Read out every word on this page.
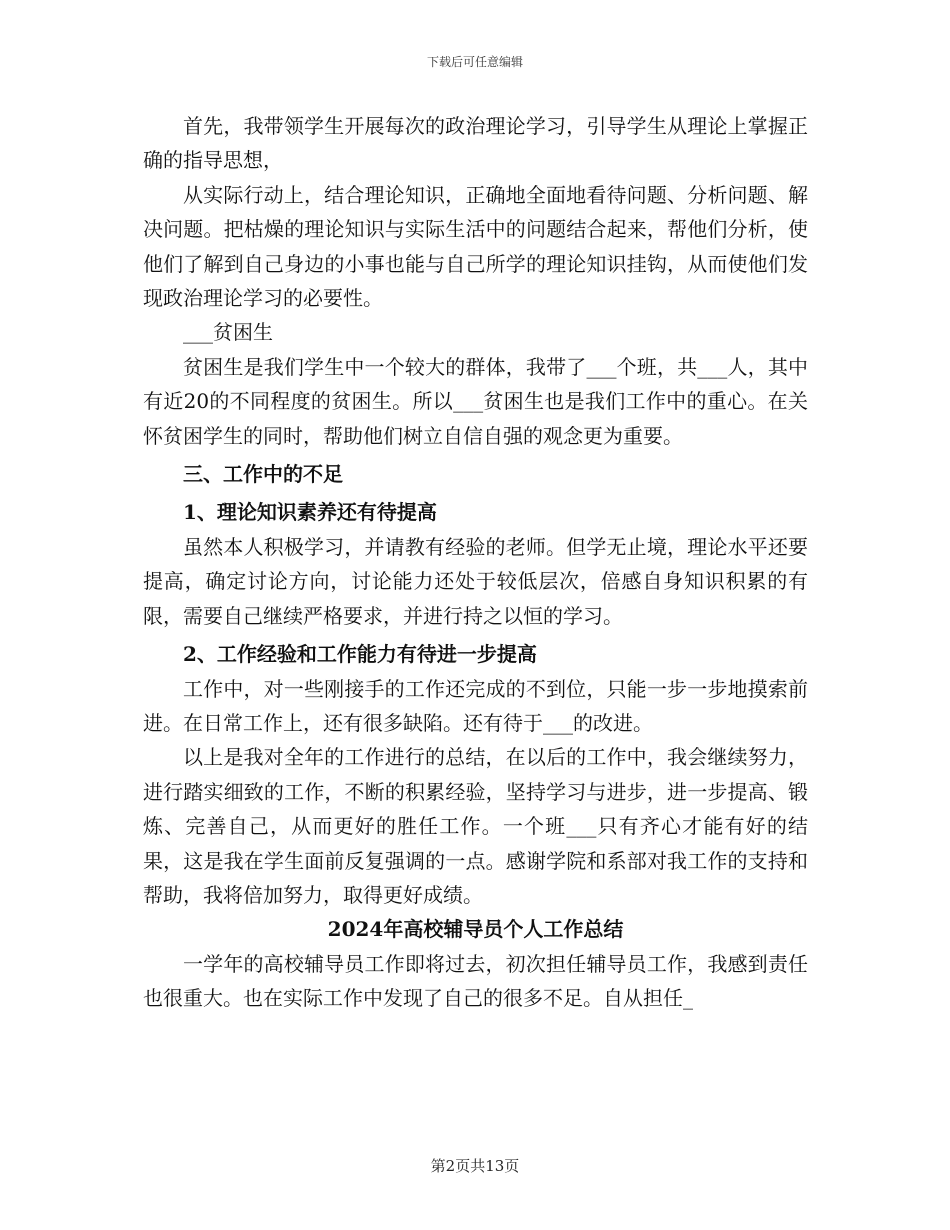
下载后可任意编辑

首先，我带领学生开展每次的政治理论学习，引导学生从理论上掌握正确的指导思想，

从实际行动上，结合理论知识，正确地全面地看待问题、分析问题、解决问题。把枯燥的理论知识与实际生活中的问题结合起来，帮他们分析，使他们了解到自己身边的小事也能与自己所学的理论知识挂钩，从而使他们发现政治理论学习的必要性。

___贫困生

贫困生是我们学生中一个较大的群体，我带了___个班，共___人，其中有近20的不同程度的贫困生。所以___贫困生也是我们工作中的重心。在关怀贫困学生的同时，帮助他们树立自信自强的观念更为重要。

三、工作中的不足

1、理论知识素养还有待提高

虽然本人积极学习，并请教有经验的老师。但学无止境，理论水平还要提高，确定讨论方向，讨论能力还处于较低层次，倍感自身知识积累的有限，需要自己继续严格要求，并进行持之以恒的学习。

2、工作经验和工作能力有待进一步提高

工作中，对一些刚接手的工作还完成的不到位，只能一步一步地摸索前进。在日常工作上，还有很多缺陷。还有待于___的改进。

以上是我对全年的工作进行的总结，在以后的工作中，我会继续努力，进行踏实细致的工作，不断的积累经验，坚持学习与进步，进一步提高、锻炼、完善自己，从而更好的胜任工作。一个班___只有齐心才能有好的结果，这是我在学生面前反复强调的一点。感谢学院和系部对我工作的支持和帮助，我将倍加努力，取得更好成绩。

2024年高校辅导员个人工作总结

一学年的高校辅导员工作即将过去，初次担任辅导员工作，我感到责任也很重大。也在实际工作中发现了自己的很多不足。自从担任_

第2页共13页
